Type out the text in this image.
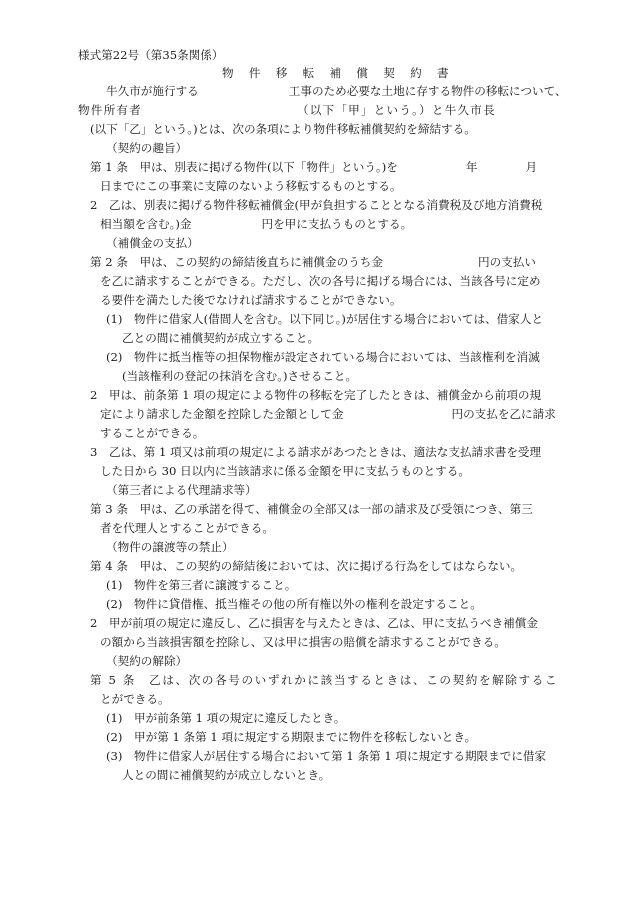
様式第22号（第35条関係）
物 件 移 転 補 償 契 約 書
牛久市が施行する	工事のため必要な土地に存する物件の移転について、
物件所有者	（以下「甲」という。）と牛久市長
(以下「乙」という。)とは、次の条項により物件移転補償契約を締結する。
（契約の趣旨）
第 1 条　甲は、別表に掲げる物件(以下「物件」という。)を	年	月
日までにこの事業に支障のないよう移転するものとする。
2　乙は、別表に掲げる物件移転補償金(甲が負担することとなる消費税及び地方消費税
相当額を含む。)金	円を甲に支払うものとする。
（補償金の支払）
第 2 条　甲は、この契約の締結後直ちに補償金のうち金	円の支払い
を乙に請求することができる。ただし、次の各号に掲げる場合には、当該各号に定め
る要件を満たした後でなければ請求することができない。
(1)　物件に借家人(借間人を含む。以下同じ。)が居住する場合においては、借家人と
乙との間に補償契約が成立すること。
(2)　物件に抵当権等の担保物権が設定されている場合においては、当該権利を消滅
(当該権利の登記の抹消を含む。)させること。
2　甲は、前条第 1 項の規定による物件の移転を完了したときは、補償金から前項の規
定により請求した金額を控除した金額として金	円の支払を乙に請求
することができる。
3　乙は、第 1 項又は前項の規定による請求があつたときは、適法な支払請求書を受理
した日から 30 日以内に当該請求に係る金額を甲に支払うものとする。
（第三者による代理請求等）
第 3 条　甲は、乙の承諾を得て、補償金の全部又は一部の請求及び受領につき、第三
者を代理人とすることができる。
（物件の譲渡等の禁止）
第 4 条　甲は、この契約の締結後においては、次に掲げる行為をしてはならない。
(1)　物件を第三者に譲渡すること。
(2)　物件に貸借権、抵当権その他の所有権以外の権利を設定すること。
2　甲が前項の規定に違反し、乙に損害を与えたときは、乙は、甲に支払うべき補償金
の額から当該損害額を控除し、又は甲に損害の賠償を請求することができる。
（契約の解除）
第 5 条　乙は、次の各号のいずれかに該当するときは、この契約を解除するこ
とができる。
(1)　甲が前条第 1 項の規定に違反したとき。
(2)　甲が第 1 条第 1 項に規定する期限までに物件を移転しないとき。
(3)　物件に借家人が居住する場合において第 1 条第 1 項に規定する期限までに借家
人との間に補償契約が成立しないとき。
